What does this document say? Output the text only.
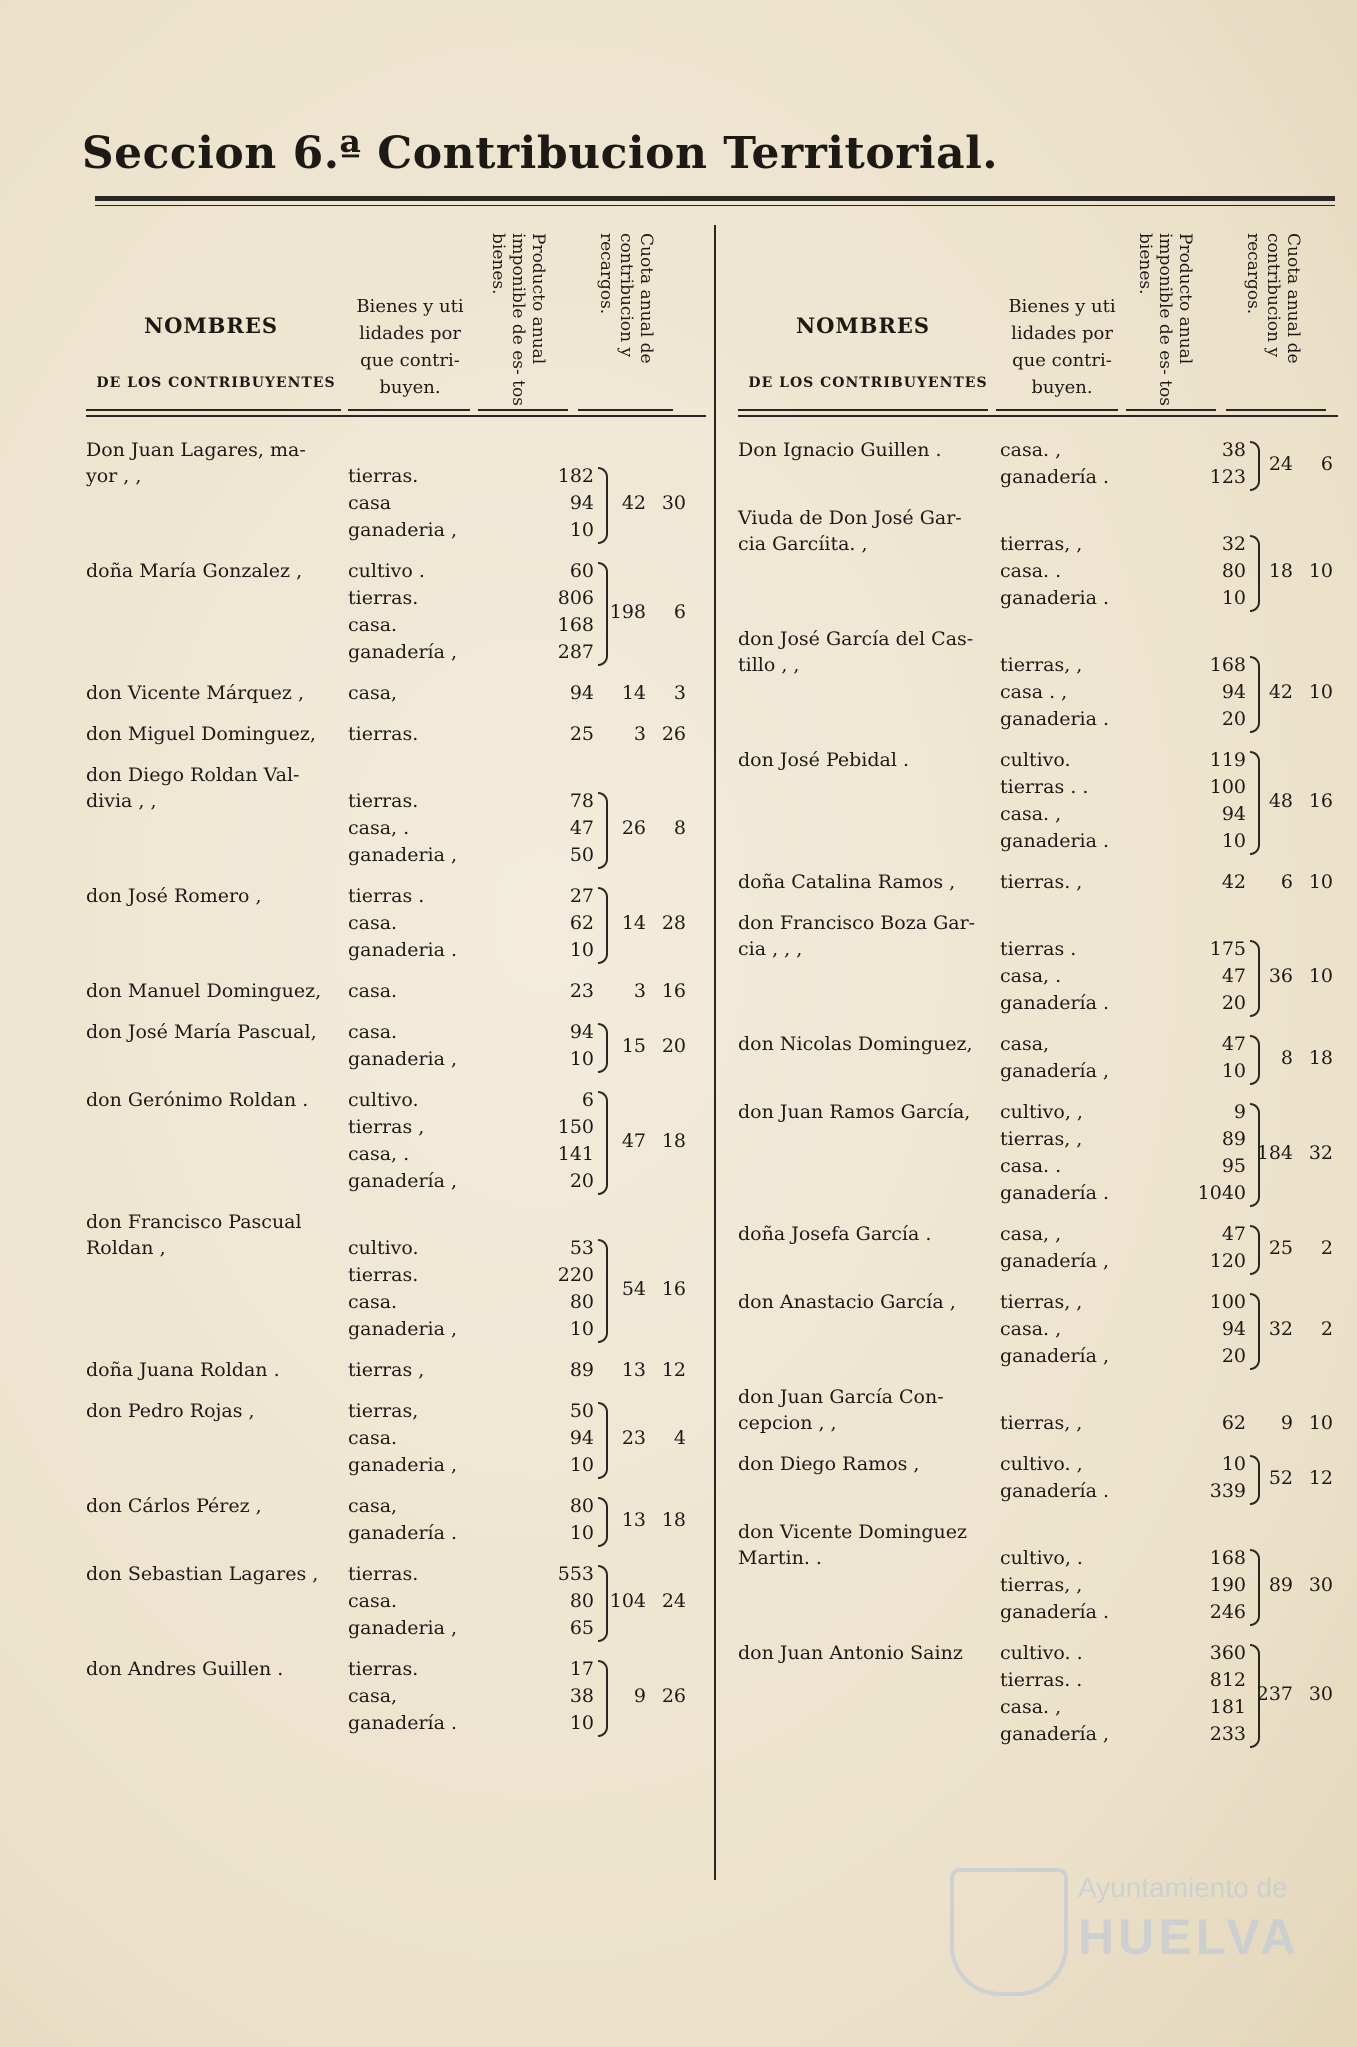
Seccion 6.ª Contribucion Territorial.
NOMBRES
DE LOS CONTRIBUYENTES
Bienes y uti lidades por que contri- buyen.
Producto anual imponible de es- tos bienes.	Cuota anual de contribucion y recargos.
Don Juan Lagares, ma-
yor , ,	tierras.	182
casa	94
ganaderia ,	10
42 30
doña María Gonzalez ,	cultivo .	60
tierras.	806
casa.	168
ganadería ,	287
198 6
don Vicente Márquez ,	casa,	94	14 3
don Miguel Dominguez,	tierras.	25	3 26
don Diego Roldan Val-
divia , ,	tierras.	78
casa, .	47
ganaderia ,	50
26 8
don José Romero ,	tierras .	27
casa.	62
ganaderia .	10
14 28
don Manuel Dominguez,	casa.	23	3 16
don José María Pascual,	casa.	94
ganaderia ,	10
15 20
don Gerónimo Roldan .	cultivo.	6
tierras ,	150
casa, .	141
ganadería ,	20
47 18
don Francisco Pascual
Roldan ,	cultivo.	53
tierras.	220
casa.	80
ganaderia ,	10
54 16
doña Juana Roldan .	tierras ,	89	13 12
don Pedro Rojas ,	tierras,	50
casa.	94
ganaderia ,	10
23 4
don Cárlos Pérez ,	casa,	80
ganadería .	10
13 18
don Sebastian Lagares ,	tierras.	553
casa.	80
ganaderia ,	65
104 24
don Andres Guillen .	tierras.	17
casa,	38
ganadería .	10
9 26
NOMBRES
DE LOS CONTRIBUYENTES
Bienes y uti lidades por que contri- buyen.
Producto anual imponible de es- tos bienes.	Cuota anual de contribucion y recargos.
Don Ignacio Guillen .	casa. ,	38
ganadería .	123
24 6
Viuda de Don José Gar-
cia Garcíita. ,	tierras, ,	32
casa. .	80
ganaderia .	10
18 10
don José García del Cas-
tillo , ,	tierras, ,	168
casa . ,	94
ganaderia .	20
42 10
don José Pebidal .	cultivo.	119
tierras . .	100
casa. ,	94
ganaderia .	10
48 16
doña Catalina Ramos ,	tierras. ,	42	6 10
don Francisco Boza Gar-
cia , , ,	tierras .	175
casa, .	47
ganadería .	20
36 10
don Nicolas Dominguez,	casa,	47
ganadería ,	10
8 18
don Juan Ramos García,	cultivo, ,	9
tierras, ,	89
casa. .	95
ganadería .	1040
184 32
doña Josefa García .	casa, ,	47
ganadería ,	120
25 2
don Anastacio García ,	tierras, ,	100
casa. ,	94
ganadería ,	20
32 2
don Juan García Con-
cepcion , ,	tierras, ,	62	9 10
don Diego Ramos ,	cultivo. ,	10
ganadería .	339
52 12
don Vicente Dominguez
Martin. .	cultivo, .	168
tierras, ,	190
ganadería .	246
89 30
don Juan Antonio Sainz	cultivo. .	360
tierras. .	812
casa. ,	181
ganadería ,	233
237 30
Ayuntamiento de
HUELVA
